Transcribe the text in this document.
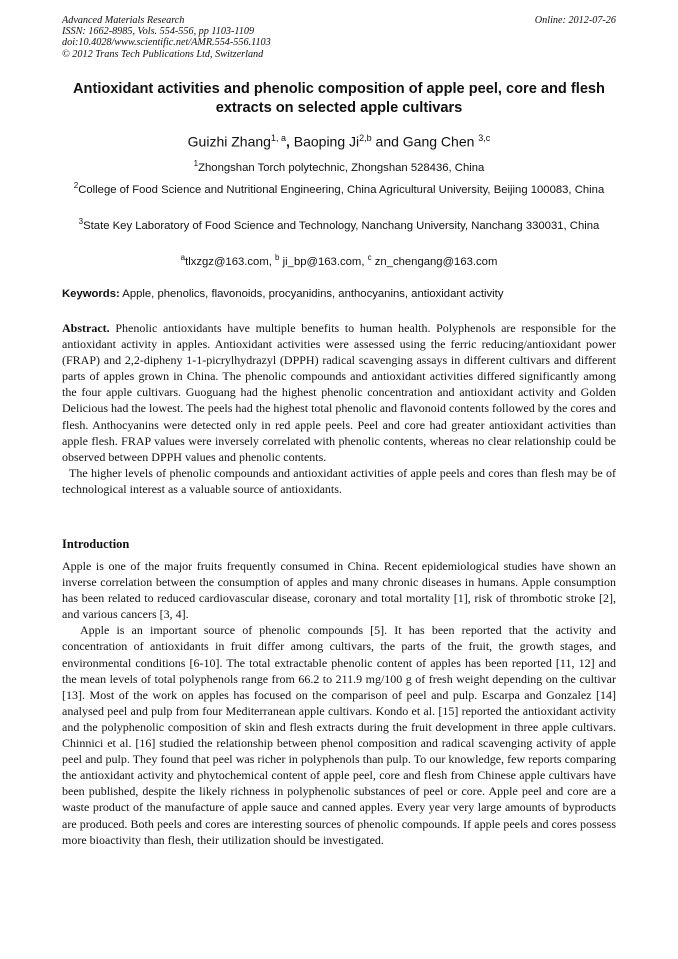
Advanced Materials Research
ISSN: 1662-8985, Vols. 554-556, pp 1103-1109
doi:10.4028/www.scientific.net/AMR.554-556.1103
© 2012 Trans Tech Publications Ltd, Switzerland
Online: 2012-07-26
Antioxidant activities and phenolic composition of apple peel, core and flesh extracts on selected apple cultivars
Guizhi Zhang$^{1, a}$, Baoping Ji$^{2,b}$ and Gang Chen $^{3,c}$
$^1$Zhongshan Torch polytechnic, Zhongshan 528436, China
$^2$College of Food Science and Nutritional Engineering, China Agricultural University, Beijing 100083, China
$^3$State Key Laboratory of Food Science and Technology, Nanchang University, Nanchang 330031, China
$^a$tlxzgz@163.com, $^b$ ji_bp@163.com, $^c$ zn_chengang@163.com
Keywords: Apple, phenolics, flavonoids, procyanidins, anthocyanins, antioxidant activity

Abstract. Phenolic antioxidants have multiple benefits to human health. Polyphenols are responsible for the antioxidant activity in apples. Antioxidant activities were assessed using the ferric reducing/antioxidant power (FRAP) and 2,2-dipheny 1-1-picrylhydrazyl (DPPH) radical scavenging assays in different cultivars and different parts of apples grown in China. The phenolic compounds and antioxidant activities differed significantly among the four apple cultivars. Guoguang had the highest phenolic concentration and antioxidant activity and Golden Delicious had the lowest. The peels had the highest total phenolic and flavonoid contents followed by the cores and flesh. Anthocyanins were detected only in red apple peels. Peel and core had greater antioxidant activities than apple flesh. FRAP values were inversely correlated with phenolic contents, whereas no clear relationship could be observed between DPPH values and phenolic contents.

The higher levels of phenolic compounds and antioxidant activities of apple peels and cores than flesh may be of technological interest as a valuable source of antioxidants.

Introduction

Apple is one of the major fruits frequently consumed in China. Recent epidemiological studies have shown an inverse correlation between the consumption of apples and many chronic diseases in humans. Apple consumption has been related to reduced cardiovascular disease, coronary and total mortality [1], risk of thrombotic stroke [2], and various cancers [3, 4].

Apple is an important source of phenolic compounds [5]. It has been reported that the activity and concentration of antioxidants in fruit differ among cultivars, the parts of the fruit, the growth stages, and environmental conditions [6-10]. The total extractable phenolic content of apples has been reported [11, 12] and the mean levels of total polyphenols range from 66.2 to 211.9 mg/100 g of fresh weight depending on the cultivar [13]. Most of the work on apples has focused on the comparison of peel and pulp. Escarpa and Gonzalez [14] analysed peel and pulp from four Mediterranean apple cultivars. Kondo et al. [15] reported the antioxidant activity and the polyphenolic composition of skin and flesh extracts during the fruit development in three apple cultivars. Chinnici et al. [16] studied the relationship between phenol composition and radical scavenging activity of apple peel and pulp. They found that peel was richer in polyphenols than pulp. To our knowledge, few reports comparing the antioxidant activity and phytochemical content of apple peel, core and flesh from Chinese apple cultivars have been published, despite the likely richness in polyphenolic substances of peel or core. Apple peel and core are a waste product of the manufacture of apple sauce and canned apples. Every year very large amounts of byproducts are produced. Both peels and cores are interesting sources of phenolic compounds. If apple peels and cores possess more bioactivity than flesh, their utilization should be investigated.
